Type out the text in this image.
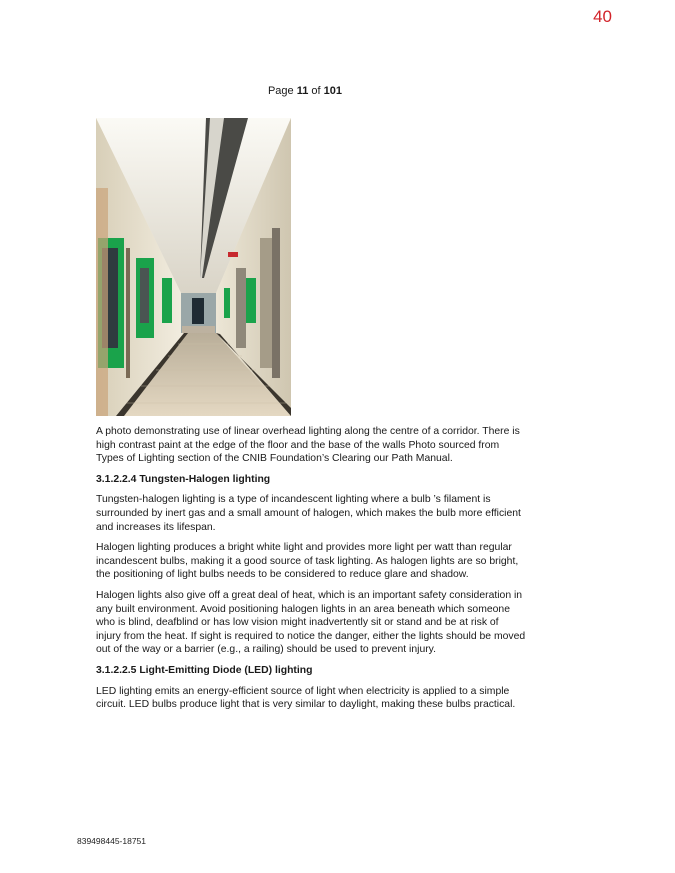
40
Page 11 of 101

A photo demonstrating use of linear overhead lighting along the centre of a corridor. There is high contrast paint at the edge of the floor and the base of the walls Photo sourced from Types of Lighting section of the CNIB Foundation’s Clearing our Path Manual.

3.1.2.2.4 Tungsten-Halogen lighting

Tungsten-halogen lighting is a type of incandescent lighting where a bulb ’s filament is surrounded by inert gas and a small amount of halogen, which makes the bulb more efficient and increases its lifespan.

Halogen lighting produces a bright white light and provides more light per watt than regular incandescent bulbs, making it a good source of task lighting. As halogen lights are so bright, the positioning of light bulbs needs to be considered to reduce glare and shadow.

Halogen lights also give off a great deal of heat, which is an important safety consideration in any built environment. Avoid positioning halogen lights in an area beneath which someone who is blind, deafblind or has low vision might inadvertently sit or stand and be at risk of injury from the heat. If sight is required to notice the danger, either the lights should be moved out of the way or a barrier (e.g., a railing) should be used to prevent injury.

3.1.2.2.5 Light-Emitting Diode (LED) lighting

LED lighting emits an energy-efficient source of light when electricity is applied to a simple circuit. LED bulbs produce light that is very similar to daylight, making these bulbs practical.

839498445-18751
